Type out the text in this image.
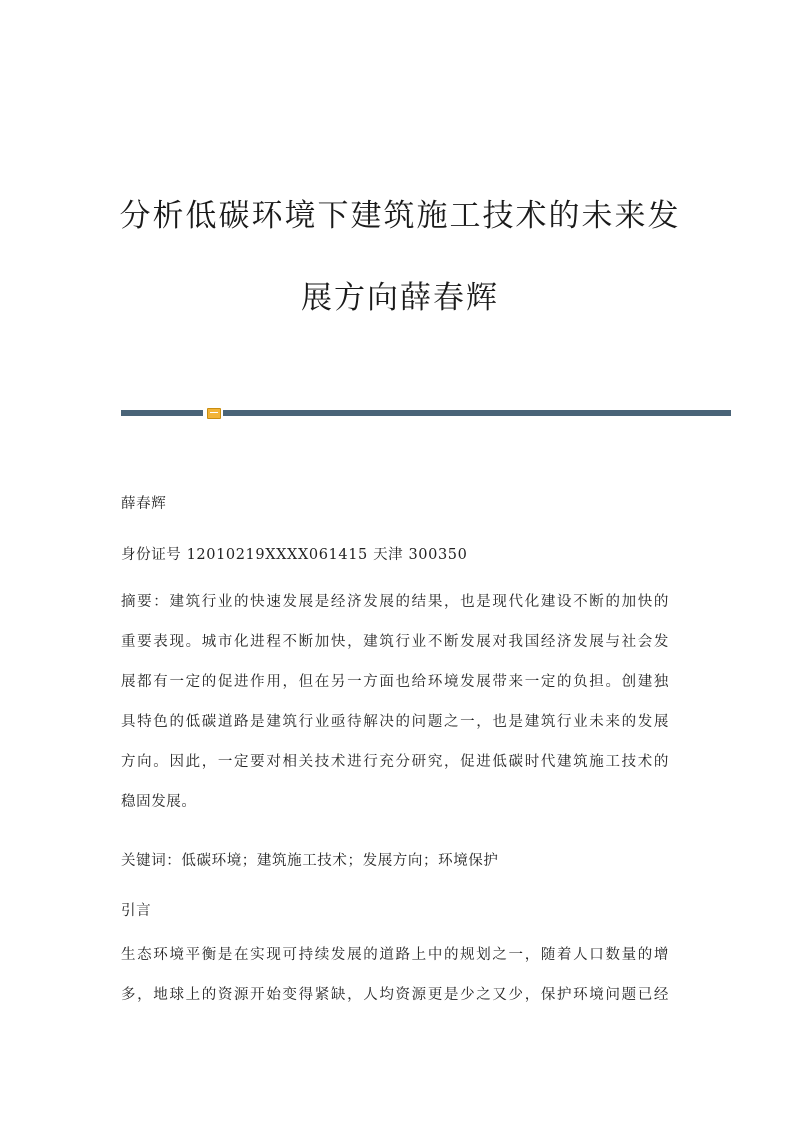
分析低碳环境下建筑施工技术的未来发
展方向薛春辉
薛春辉
身份证号 12010219XXXX061415 天津 300350
摘要：建筑行业的快速发展是经济发展的结果，也是现代化建设不断的加快的
重要表现。城市化进程不断加快，建筑行业不断发展对我国经济发展与社会发
展都有一定的促进作用，但在另一方面也给环境发展带来一定的负担。创建独
具特色的低碳道路是建筑行业亟待解决的问题之一，也是建筑行业未来的发展
方向。因此，一定要对相关技术进行充分研究，促进低碳时代建筑施工技术的
稳固发展。
关键词：低碳环境；建筑施工技术；发展方向；环境保护
引言
生态环境平衡是在实现可持续发展的道路上中的规划之一，随着人口数量的增
多，地球上的资源开始变得紧缺，人均资源更是少之又少，保护环境问题已经
